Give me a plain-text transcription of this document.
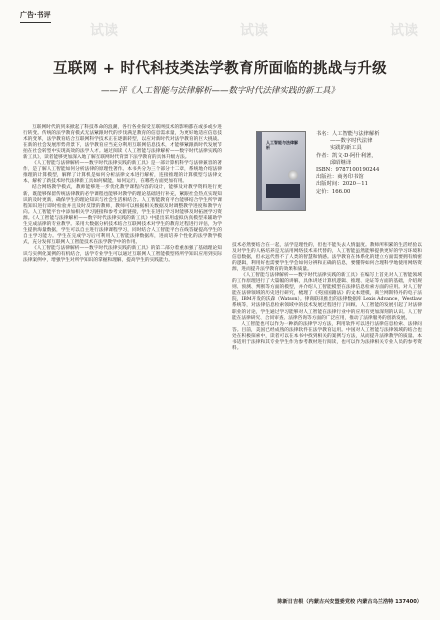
试读	试读	试读
广告·书评
互联网 + 时代科技类法学教育所面临的挑战与升级
——评《人工智能与法律解析——数字时代法律实践的新工具》

互联网时代的到来掀起了科技革命的浪潮，各行各业探受互联网技术的影响都在或多或少进行转变。传统的法学教育模式无法紧跟时代的步伐满足教育的信息需求量，为更好地适应信息技术的变革，法学教育结合互联网科学技术正在逐渐转型，以应对新时代对法学教育的巨大挑战。在新的社会发展形势背景下，法学教育应当充分利用互联网信息技术，才能够紧跟新时代发展节拍在社会转型中实现高效的法学人才。通过阅读《人工智能与法律解析——数字时代法律实践的新工具》，读者能够更加深入地了解互联网时代背景下法学教育的具体升级方法。

《人工智能与法律解析——数字时代法律实践的新工具》是一部计算机科学与法律兼容的著作，是了解人工智能如何分析法律的原理性著作。本书共分为三个部分十二章，系统地介绍法律推理的计算模型，解释了计算机是如何分析法律文本进行解析，连接推理的计算模型与法律文本，解析了新技术时代法律新工具如何赋能，如何运行，在哪些方面更加有用。

结合网络教学模式，教师能够进一步优化教学课程内容的设计，能够及对教学资料进行更新，既能够保留传统法律教的必学课程也能够对教学的理论基础进行补充，紧跟社会热点实现知识的及时更新，确保学生的理论知识与社会生活相结合。人工智能教育平台能够结合学生所学课程知识进行即时检验并且及时反馈的教师，教师可以根据相关数据及时调整教学进度和教学方向。人工智能平台中添加相关学习链接和参考文献链接，学生在进行学习时能够及时拓展学习资源。《人工智能与法律解析——数字时代法律实践的新工具》中提出采用虚拟仿真模型来辅助学生完成法律的专业教学。采用大数据分析技术结合互联网技术对学生的教育过程进行评估，为学生提供海量数据，学生可以自主进行法律课程学习，同时结合人工智能平台在线答疑提高学生的自主学习能力。学生在完成学习后可利用人工智能法律数据库，进而培养个性化的法学教学模式，充分发挥互联网人工智能技术在法学教学中的作用。

《人工智能与法律解析——数字时代法律实践的新工具》的第二部分着重加强了基础理论知识与实例化案例的有机结合，法学专业学生可以通过互联网人工智能模型将所学知识应用到实际法律案例中，增强学生对所学知识的掌握和理解，提高学生的实践能力。

人工智能与法律解析
书名：人工智能与法律解析
——数字时代法律
实践的新工具
作者：凯文·D·阿什利著，
邱昭继译
ISBN：9787100190244
出版社：商务印书馆
出版时间：2020－11
定价：166.00

技术必然要结合在一起，法学是理性的，但也不能失去人情温度。教师所积累的生活经验以及对学生的人格培养是无法用网络技术来代替的，人工智能虽然能够提供更好的学习环境和信息数据，但永远代替不了人类的智慧和情感。法学教育在体系化的建立方面需要拥有缜密的逻辑，利用好也需要学生学会如何分辨和正确的信息，要懂得如何合理科学地使用网络资源，进而提升法学教育的效果和质量。

《人工智能与法律解析——数字时代法律实践的新工具》在编写上首先对人工智能领域的工作原理进行了大篇幅的讲解，具体讲述计算机逻辑、推理、论证等方面的基础，介绍规则、预测、判断等方面的模型，并介绍人工智能模型在法律信息检索方面的应用。对人工智能在法律领域的历史进行研究，梳理了《英国国籍法》的文本建模，商兰网斯特丹的电子法院，IBM开发的沃森（Watson）。律商联讯推出的法律数据库 Lexis Advance，Westlaw 系统等，对法律信息检索领域中的技术发展过程进行了回顾。人工智能的发展引起了对法律职业的讨论，学生通过学习能够对人工智能在法律行业中的应用有更加深刻的认识。人工智能在法律研究、合同审查、法律咨询等方面的广泛应用，推动了法律服务的创新发展。

人工智能也可以作为一种新的法律学习方法，利用软件可以进行法律信息检索、法律问答。目前，美国已经成熟的法律软件在法学教育运用。中国对人工智能与法律领域的结合也处在积极探索中，读者可以在本书中找到相关的案例与方法，从而提升法律教学的质量。本书适用于法律和其专业学生作为参考教材进行阅读，也可以作为法律相关专业人员的参考资料。

陈新日吉根（内蒙古兴安盟委党校 内蒙古乌兰浩特 137400）
